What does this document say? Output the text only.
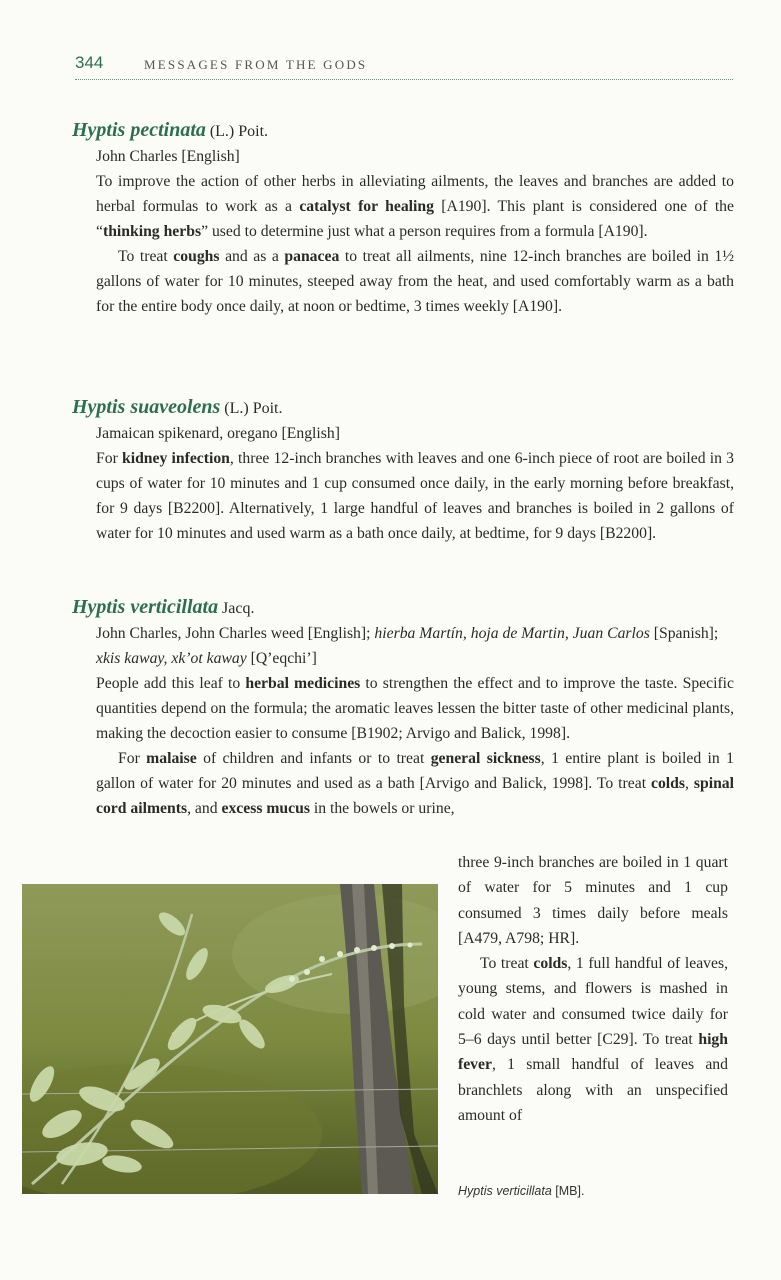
344	MESSAGES FROM THE GODS
Hyptis pectinata (L.) Poit.
John Charles [English]
To improve the action of other herbs in alleviating ailments, the leaves and branches are added to herbal formulas to work as a catalyst for healing [A190]. This plant is considered one of the “thinking herbs” used to determine just what a person requires from a formula [A190].
To treat coughs and as a panacea to treat all ailments, nine 12-inch branches are boiled in 1½ gallons of water for 10 minutes, steeped away from the heat, and used comfortably warm as a bath for the entire body once daily, at noon or bedtime, 3 times weekly [A190].
Hyptis suaveolens (L.) Poit.
Jamaican spikenard, oregano [English]
For kidney infection, three 12-inch branches with leaves and one 6-inch piece of root are boiled in 3 cups of water for 10 minutes and 1 cup consumed once daily, in the early morning before breakfast, for 9 days [B2200]. Alternatively, 1 large handful of leaves and branches is boiled in 2 gallons of water for 10 minutes and used warm as a bath once daily, at bedtime, for 9 days [B2200].
Hyptis verticillata Jacq.
John Charles, John Charles weed [English]; hierba Martín, hoja de Martin, Juan Carlos [Spanish]; xkis kaway, xk’ot kaway [Q’eqchi’]
People add this leaf to herbal medicines to strengthen the effect and to improve the taste. Specific quantities depend on the formula; the aromatic leaves lessen the bitter taste of other medicinal plants, making the decoction easier to consume [B1902; Arvigo and Balick, 1998].
For malaise of children and infants or to treat general sickness, 1 entire plant is boiled in 1 gallon of water for 20 minutes and used as a bath [Arvigo and Balick, 1998]. To treat colds, spinal cord ailments, and excess mucus in the bowels or urine,
three 9-inch branches are boiled in 1 quart of water for 5 minutes and 1 cup consumed 3 times daily before meals [A479, A798; HR].
To treat colds, 1 full handful of leaves, young stems, and flowers is mashed in cold water and consumed twice daily for 5–6 days until better [C29]. To treat high fever, 1 small handful of leaves and branchlets along with an unspecified amount of
Hyptis verticillata [MB].
